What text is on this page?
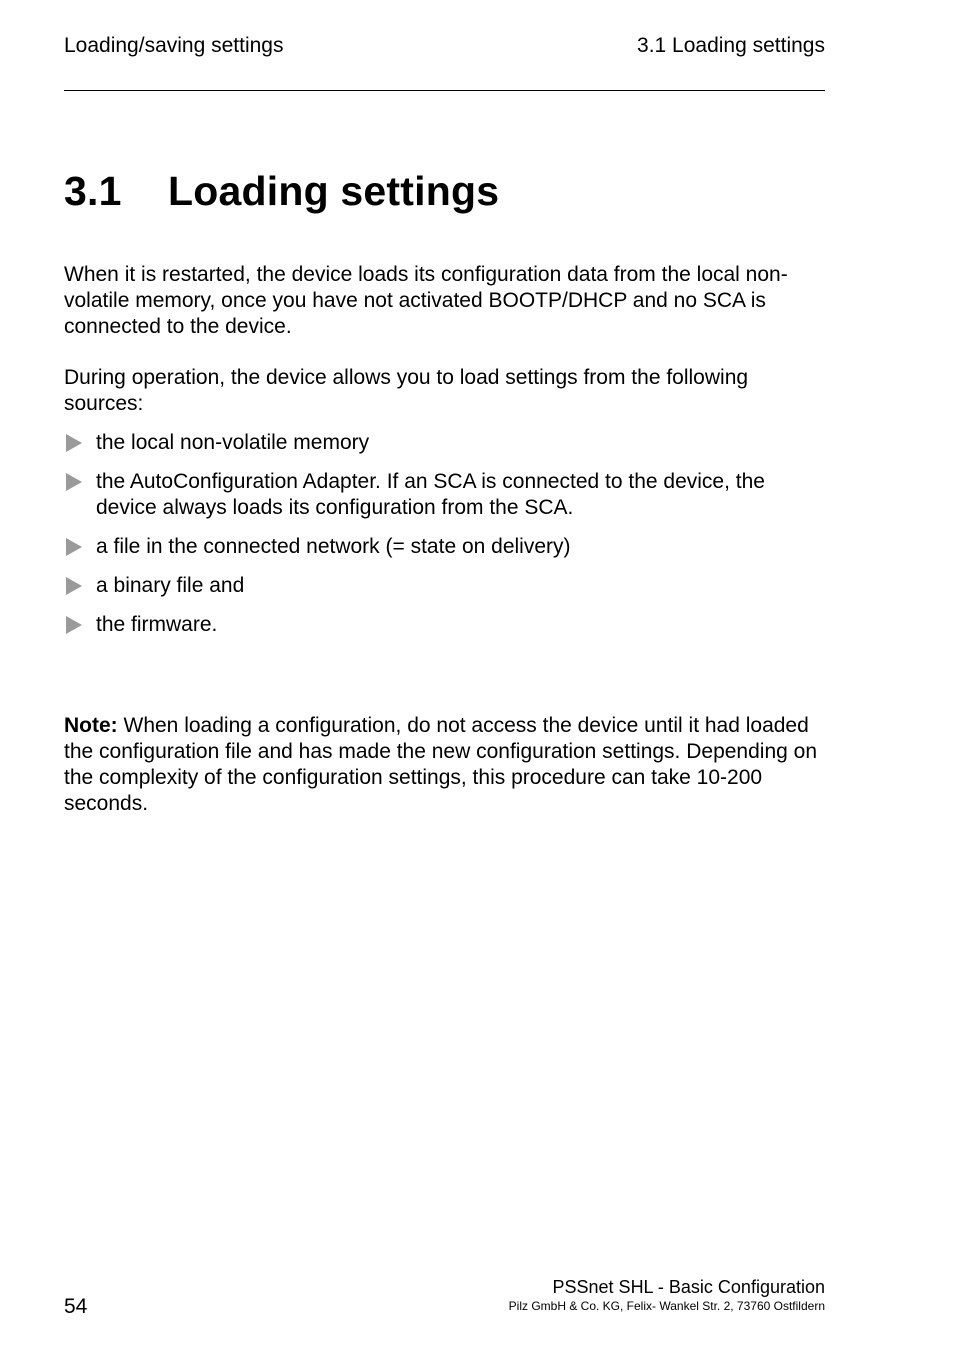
Loading/saving settings	3.1 Loading settings
3.1 Loading settings

When it is restarted, the device loads its configuration data from the local non-volatile memory, once you have not activated BOOTP/DHCP and no SCA is connected to the device.

During operation, the device allows you to load settings from the following sources:

the local non-volatile memory
the AutoConfiguration Adapter. If an SCA is connected to the device, the device always loads its configuration from the SCA.
a file in the connected network (= state on delivery)
a binary file and
the firmware.

Note: When loading a configuration, do not access the device until it had loaded the configuration file and has made the new configuration settings. Depending on the complexity of the configuration settings, this procedure can take 10-200 seconds.

54
PSSnet SHL - Basic Configuration
Pilz GmbH & Co. KG, Felix- Wankel Str. 2, 73760 Ostfildern
